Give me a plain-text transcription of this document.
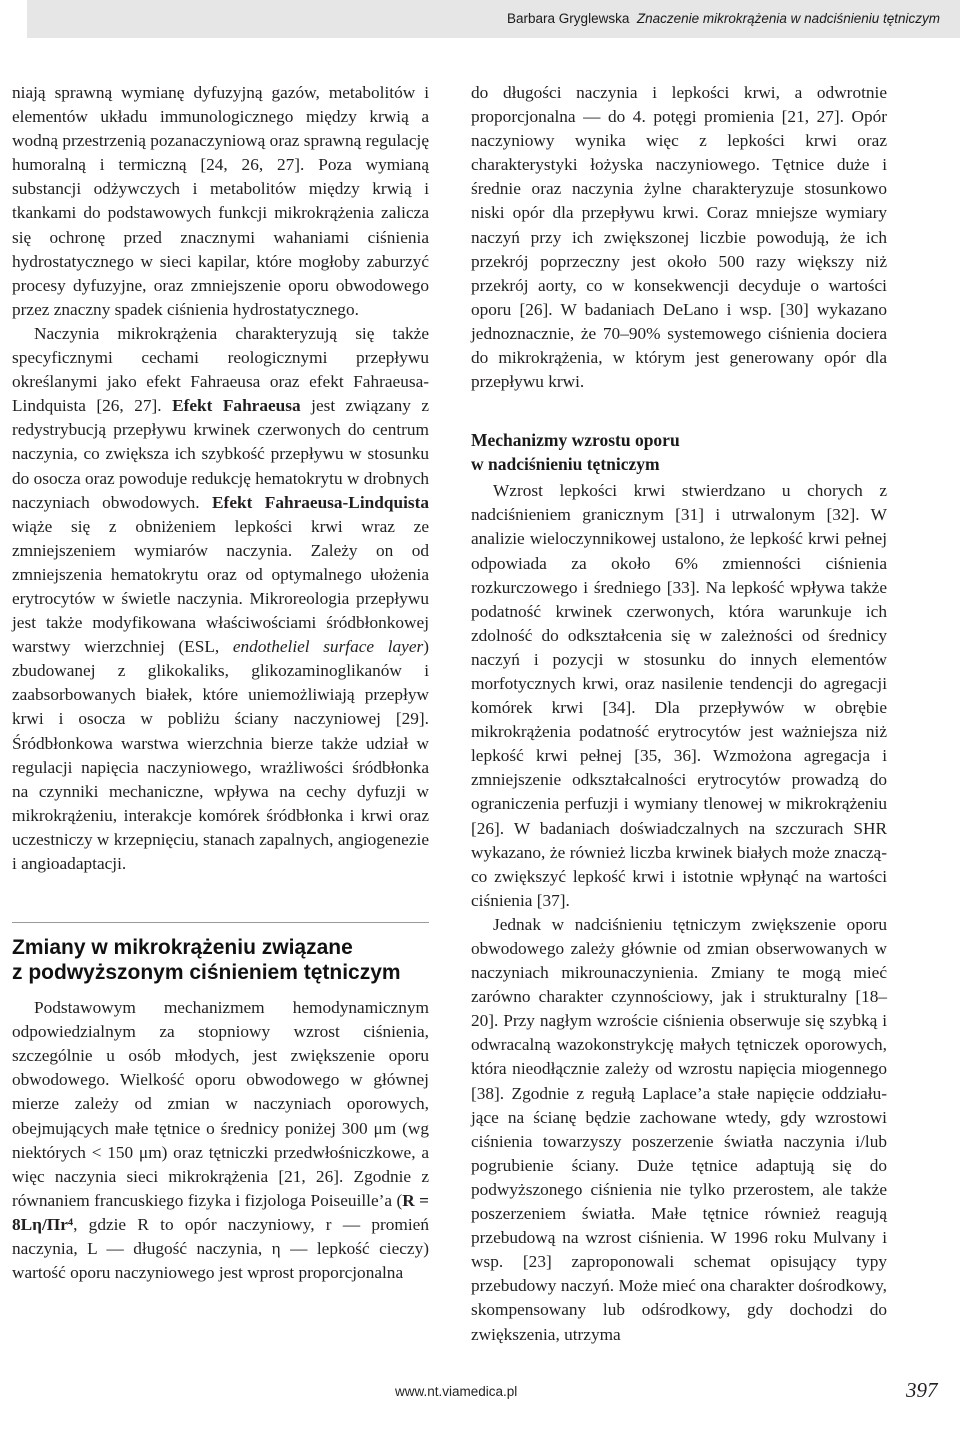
Barbara Gryglewska Znaczenie mikrokrążenia w nadciśnieniu tętniczym

niają sprawną wymianę dyfuzyjną gazów, metabolitów i elementów układu immunologicznego między krwią a wodną przestrzenią pozanaczyniową oraz sprawną regulację humoralną i termiczną [24, 26, 27]. Poza wymianą substancji odżywczych i metabolitów między krwią i tkankami do podstawowych funkcji mikrokrążenia zalicza się ochronę przed znacznymi wahaniami ciśnienia hydrostatycznego w sieci kapilar, które mogłoby zaburzyć procesy dyfuzyjne, oraz zmniejszenie oporu obwodowego przez znaczny spadek ciśnienia hydrostatycznego.

Naczynia mikrokrążenia charakteryzują się także specyficznymi cechami reologicznymi przepływu określanymi jako efekt Fahraeusa oraz efekt Fahraeusa-Lindquista [26, 27]. Efekt Fahraeusa jest związany z redystrybucją przepływu krwinek czerwonych do centrum naczynia, co zwiększa ich szybkość przepływu w stosunku do osocza oraz powoduje redukcję hematokrytu w drobnych naczyniach obwodowych. Efekt Fahraeusa-Lindquista wiąże się z obniżeniem lepkości krwi wraz ze zmniejszeniem wymiarów naczynia. Zależy on od zmniejszenia hematokrytu oraz od optymalnego ułożenia erytrocytów w świetle naczynia. Mikroreologia przepływu jest także modyfikowana właściwościami śródbłonkowej warstwy wierzchniej (ESL, endotheliel surface layer) zbudowanej z glikokaliks, glikozaminoglikanów i zaabsorbowanych białek, które uniemożliwiają przepływ krwi i osocza w pobliżu ściany naczyniowej [29]. Śródbłonkowa warstwa wierzchnia bierze także udział w regulacji napięcia naczyniowego, wrażliwości śródbłonka na czynniki mechaniczne, wpływa na cechy dyfuzji w mikrokrążeniu, interakcje komórek śródbłonka i krwi oraz uczestniczy w krzepnięciu, stanach zapalnych, angiogenezie i angioadaptacji.

Zmiany w mikrokrążeniu związane
z podwyższonym ciśnieniem tętniczym

Podstawowym mechanizmem hemodynamicznym odpowiedzialnym za stopniowy wzrost ciśnienia, szczególnie u osób młodych, jest zwiększenie oporu obwodowego. Wielkość oporu obwodowego w głównej mierze zależy od zmian w naczyniach oporowych, obejmujących małe tętnice o średnicy poniżej 300 μm (wg niektórych < 150 μm) oraz tętniczki przedwłośniczkowe, a więc naczynia sieci mikrokrążenia [21, 26]. Zgodnie z równaniem francuskiego fizyka i fizjologa Poiseuille’a (R = 8Lη/Πr⁴, gdzie R to opór naczyniowy, r — promień naczynia, L — długość naczynia, η — lepkość cieczy) wartość oporu naczyniowego jest wprost proporcjonalna

do długości naczynia i lepkości krwi, a odwrotnie proporcjonalna — do 4. potęgi promienia [21, 27]. Opór naczyniowy wynika więc z lepkości krwi oraz charakterystyki łożyska naczyniowego. Tętnice duże i średnie oraz naczynia żylne charakteryzuje stosunkowo niski opór dla przepływu krwi. Coraz mniejsze wymiary naczyń przy ich zwiększonej liczbie powodują, że ich przekrój poprzeczny jest około 500 razy większy niż przekrój aorty, co w konsekwencji decyduje o wartości oporu [26]. W badaniach DeLano i wsp. [30] wykazano jednoznacznie, że 70–90% systemowego ciśnienia dociera do mikrokrążenia, w którym jest generowany opór dla przepływu krwi.

Mechanizmy wzrostu oporu
w nadciśnieniu tętniczym

Wzrost lepkości krwi stwierdzano u chorych z nadciśnieniem granicznym [31] i utrwalonym [32]. W analizie wieloczynnikowej ustalono, że lepkość krwi pełnej odpowiada za około 6% zmienności ciśnienia rozkurczowego i średniego [33]. Na lepkość wpływa także podatność krwinek czerwonych, która warunkuje ich zdolność do odkształcenia się w zależności od średnicy naczyń i pozycji w stosunku do innych elementów morfotycznych krwi, oraz nasilenie tendencji do agregacji komórek krwi [34]. Dla przepływów w obrębie mikrokrążenia podatność erytrocytów jest ważniejsza niż lepkość krwi pełnej [35, 36]. Wzmożona agregacja i zmniejszenie odkształcalności erytrocytów prowadzą do ograniczenia perfuzji i wymiany tlenowej w mikrokrążeniu [26]. W badaniach doświadczalnych na szczurach SHR wykazano, że również liczba krwinek białych może znacząco zwiększyć lepkość krwi i istotnie wpłynąć na wartości ciśnienia [37].

Jednak w nadciśnieniu tętniczym zwiększenie oporu obwodowego zależy głównie od zmian obserwowanych w naczyniach mikrounaczynienia. Zmiany te mogą mieć zarówno charakter czynnościowy, jak i strukturalny [18–20]. Przy nagłym wzroście ciśnienia obserwuje się szybką i odwracalną wazokonstrykcję małych tętniczek oporowych, która nieodłącznie zależy od wzrostu napięcia miogennego [38]. Zgodnie z regułą Laplace’a stałe napięcie oddziałujące na ścianę będzie zachowane wtedy, gdy wzrostowi ciśnienia towarzyszy poszerzenie światła naczynia i/lub pogrubienie ściany. Duże tętnice adaptują się do podwyższonego ciśnienia nie tylko przerostem, ale także poszerzeniem światła. Małe tętnice również reagują przebudową na wzrost ciśnienia. W 1996 roku Mulvany i wsp. [23] zaproponowali schemat opisujący typy przebudowy naczyń. Może mieć ona charakter dośrodkowy, skompensowany lub odśrodkowy, gdy dochodzi do zwiększenia, utrzyma

www.nt.viamedica.pl	397
